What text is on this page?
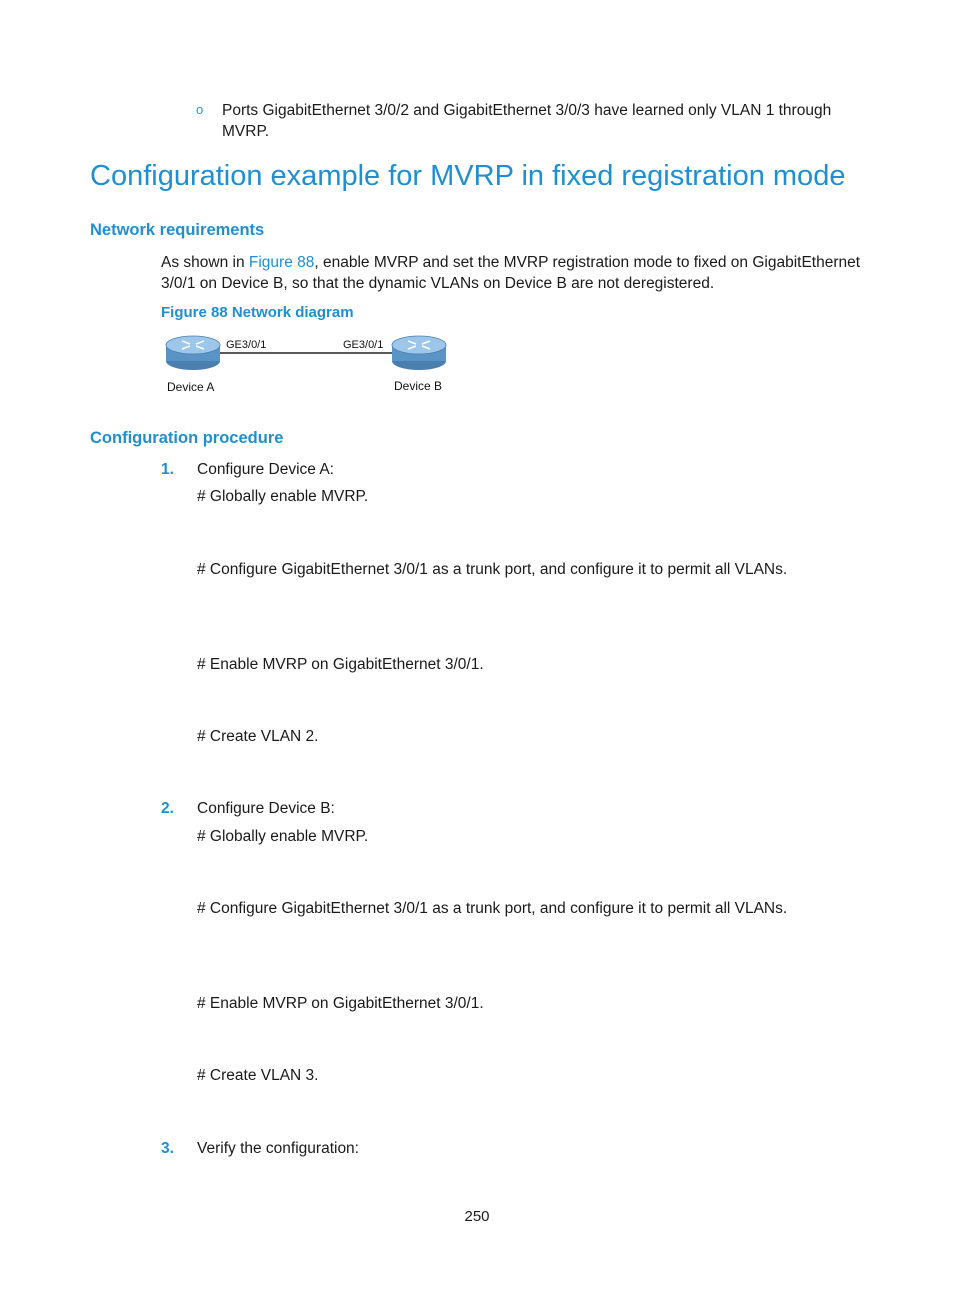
o Ports GigabitEthernet 3/0/2 and GigabitEthernet 3/0/3 have learned only VLAN 1 through MVRP.
Configuration example for MVRP in fixed registration mode
Network requirements
As shown in Figure 88, enable MVRP and set the MVRP registration mode to fixed on GigabitEthernet 3/0/1 on Device B, so that the dynamic VLANs on Device B are not deregistered.
Figure 88 Network diagram
GE3/0/1	GE3/0/1
Device A	Device B
Configuration procedure
1. Configure Device A:
# Globally enable MVRP.
# Configure GigabitEthernet 3/0/1 as a trunk port, and configure it to permit all VLANs.
# Enable MVRP on GigabitEthernet 3/0/1.
# Create VLAN 2.
2. Configure Device B:
# Globally enable MVRP.
# Configure GigabitEthernet 3/0/1 as a trunk port, and configure it to permit all VLANs.
# Enable MVRP on GigabitEthernet 3/0/1.
# Create VLAN 3.
3. Verify the configuration:
250
